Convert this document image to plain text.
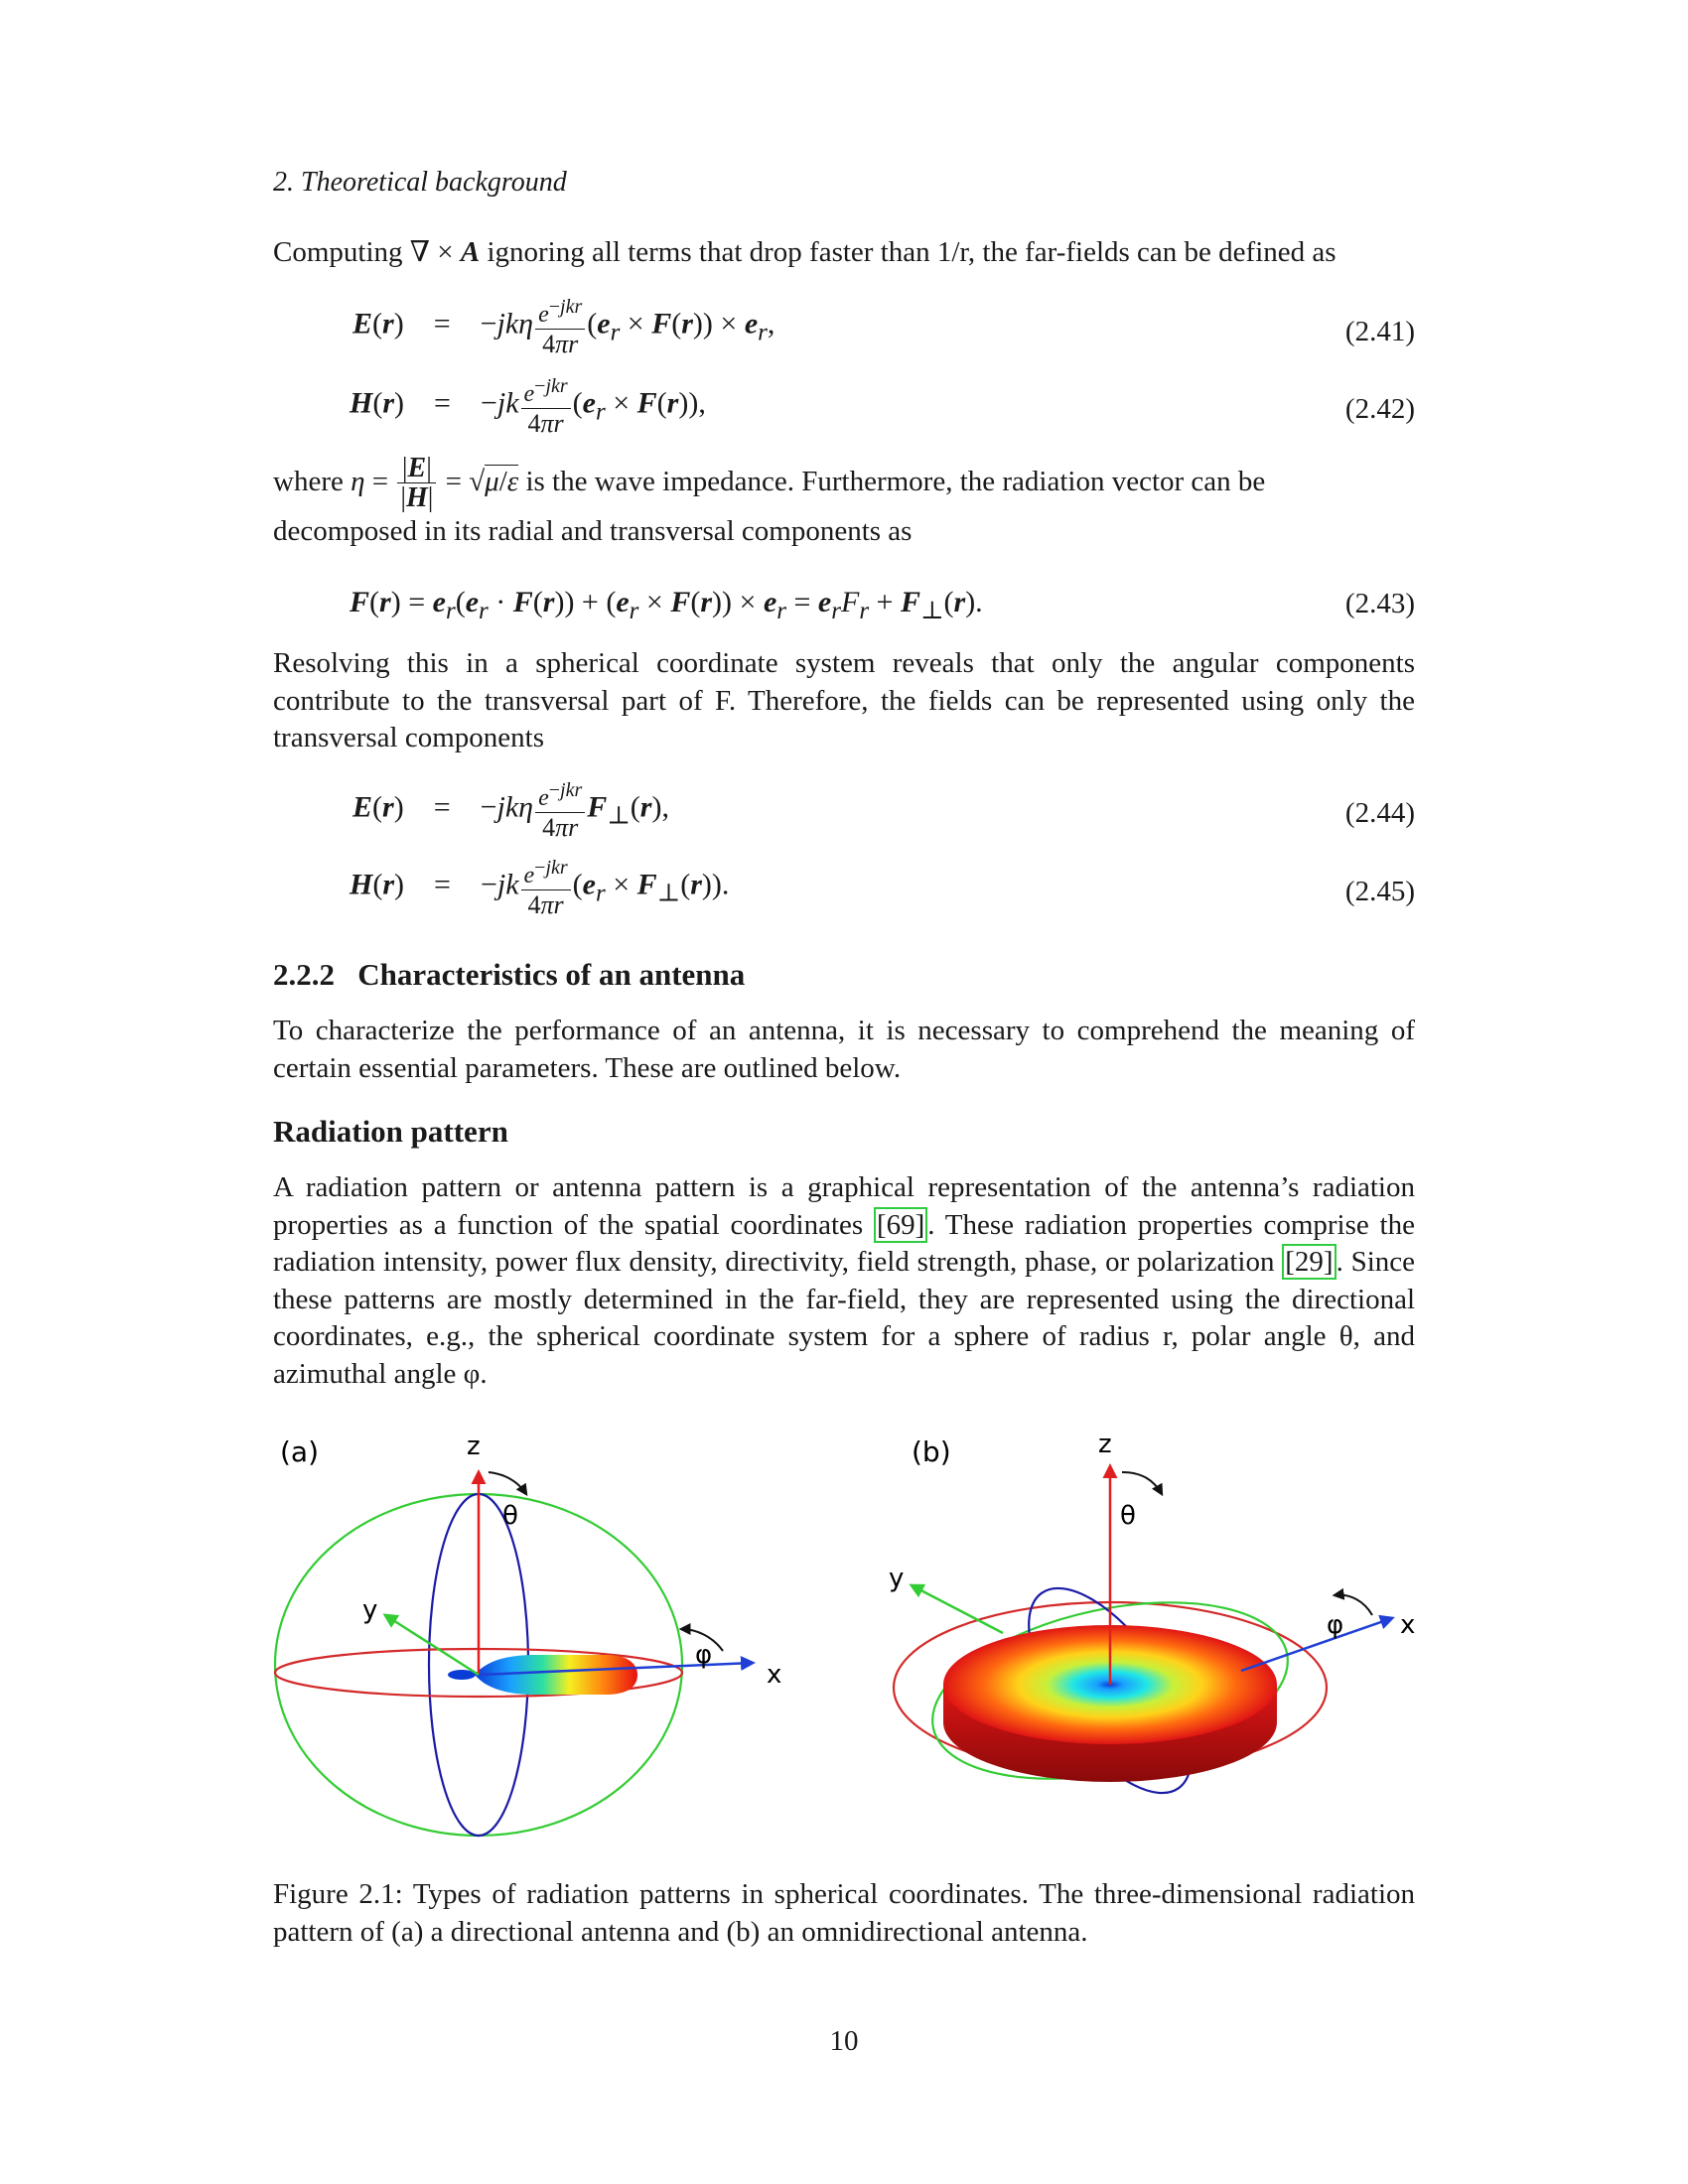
2. Theoretical background
Computing ∇ × A ignoring all terms that drop faster than 1/r, the far-fields can be defined as
E(r)    =    $-jk\eta \frac{e^{-jkr}}{4\pi r} (e_r \times F(r)) \times e_r$,	(2.41)
H(r)    =    $-jk \frac{e^{-jkr}}{4\pi r} (e_r \times F(r))$,	(2.42)
where $\eta = \frac{|E|}{|H|} = √\mu/\varepsilon$ is the wave impedance. Furthermore, the radiation vector can be
decomposed in its radial and transversal components as
$F(r) = e_r(e_r \cdot F(r)) + (e_r \times F(r)) \times e_r = e_rF_r + F_\perp(r)$.	(2.43)
Resolving this in a spherical coordinate system reveals that only the angular components contribute to the transversal part of F. Therefore, the fields can be represented using only the transversal components
E(r)    =    $-jk\eta \frac{e^{-jkr}}{4\pi r} F_\perp(r)$,	(2.44)
H(r)    =    $-jk \frac{e^{-jkr}}{4\pi r} (e_r \times F_\perp(r))$.	(2.45)
2.2.2 Characteristics of an antenna
To characterize the performance of an antenna, it is necessary to comprehend the meaning of certain essential parameters. These are outlined below.
Radiation pattern
A radiation pattern or antenna pattern is a graphical representation of the antenna’s radiation properties as a function of the spatial coordinates [69] . These radiation properties comprise the radiation intensity, power flux density, directivity, field strength, phase, or polarization [29] . Since these patterns are mostly determined in the far-field, they are represented using the directional coordinates, e.g., the spherical coordinate system for a sphere of radius r, polar angle θ, and azimuthal angle φ.
(a)	z
x
y
θ
φ
(b)	z
x
y
θ
φ
Figure 2.1: Types of radiation patterns in spherical coordinates. The three-dimensional radiation pattern of (a) a directional antenna and (b) an omnidirectional antenna.
10
